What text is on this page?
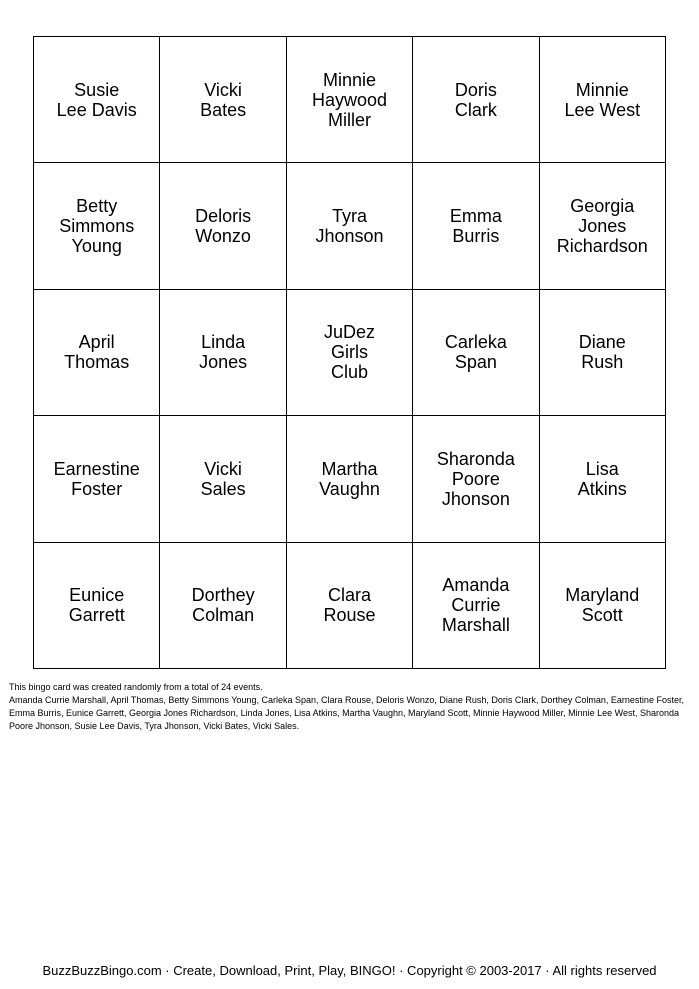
Susie
Lee Davis
Vicki
Bates
Minnie
Haywood
Miller
Doris
Clark
Minnie
Lee West
Betty
Simmons
Young
Deloris
Wonzo
Tyra
Jhonson
Emma
Burris
Georgia
Jones
Richardson
April
Thomas
Linda
Jones
JuDez
Girls
Club
Carleka
Span
Diane
Rush
Earnestine
Foster
Vicki
Sales
Martha
Vaughn
Sharonda
Poore
Jhonson
Lisa
Atkins
Eunice
Garrett
Dorthey
Colman
Clara
Rouse
Amanda
Currie
Marshall
Maryland
Scott

This bingo card was created randomly from a total of 24 events.

Amanda Currie Marshall, April Thomas, Betty Simmons Young, Carleka Span, Clara Rouse, Deloris Wonzo, Diane Rush, Doris Clark, Dorthey Colman, Earnestine Foster, Emma Burris, Eunice Garrett, Georgia Jones Richardson, Linda Jones, Lisa Atkins, Martha Vaughn, Maryland Scott, Minnie Haywood Miller, Minnie Lee West, Sharonda Poore Jhonson, Susie Lee Davis, Tyra Jhonson, Vicki Bates, Vicki Sales.

BuzzBuzzBingo.com · Create, Download, Print, Play, BINGO! · Copyright © 2003-2017 · All rights reserved
